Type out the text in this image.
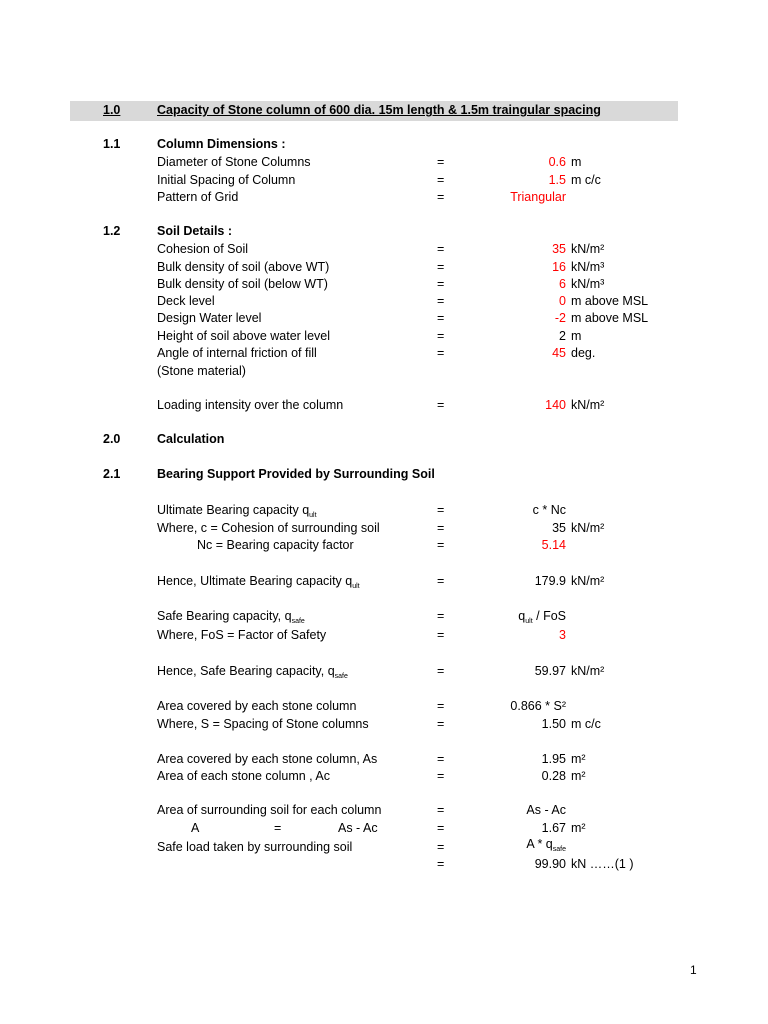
1.0	Capacity of Stone column of 600 dia. 15m length & 1.5m traingular spacing
1.1	Column Dimensions :
Diameter of Stone Columns	=	0.6 m
Initial Spacing of Column	=	1.5 m c/c
Pattern of Grid	=	Triangular
1.2	Soil Details :
Cohesion of Soil	=	35 kN/m²
Bulk density of soil (above WT)	=	16 kN/m³
Bulk density of soil (below WT)	=	6 kN/m³
Deck level	=	0 m above MSL
Design Water level	=	-2 m above MSL
Height of soil above water level	=	2 m
Angle of internal friction of fill	=	45 deg.
(Stone material)
Loading intensity over the column	=	140 kN/m²
2.0	Calculation
2.1	Bearing Support Provided by Surrounding Soil
Ultimate Bearing capacity $q_{ult}$	=	c * Nc
Where, c = Cohesion of surrounding soil	=	35 kN/m²
Nc = Bearing capacity factor	=	5.14
Hence, Ultimate Bearing capacity $q_{ult}$	=	179.9 kN/m²
Safe Bearing capacity, $q_{safe}$	=	$q_{ult}$ / FoS
Where, FoS = Factor of Safety	=	3
Hence, Safe Bearing capacity, $q_{safe}$	=	59.97 kN/m²
Area covered by each stone column	=	0.866 * S²
Where, S = Spacing of Stone columns	=	1.50 m c/c
Area covered by each stone column, As	=	1.95 m²
Area of each stone column , Ac	=	0.28 m²
Area of surrounding soil for each column	=	As - Ac
A	=	As - Ac	=	1.67 m²
Safe load taken by surrounding soil	=	A * $q_{safe}$
=	99.90 kN ……(1 )
1
